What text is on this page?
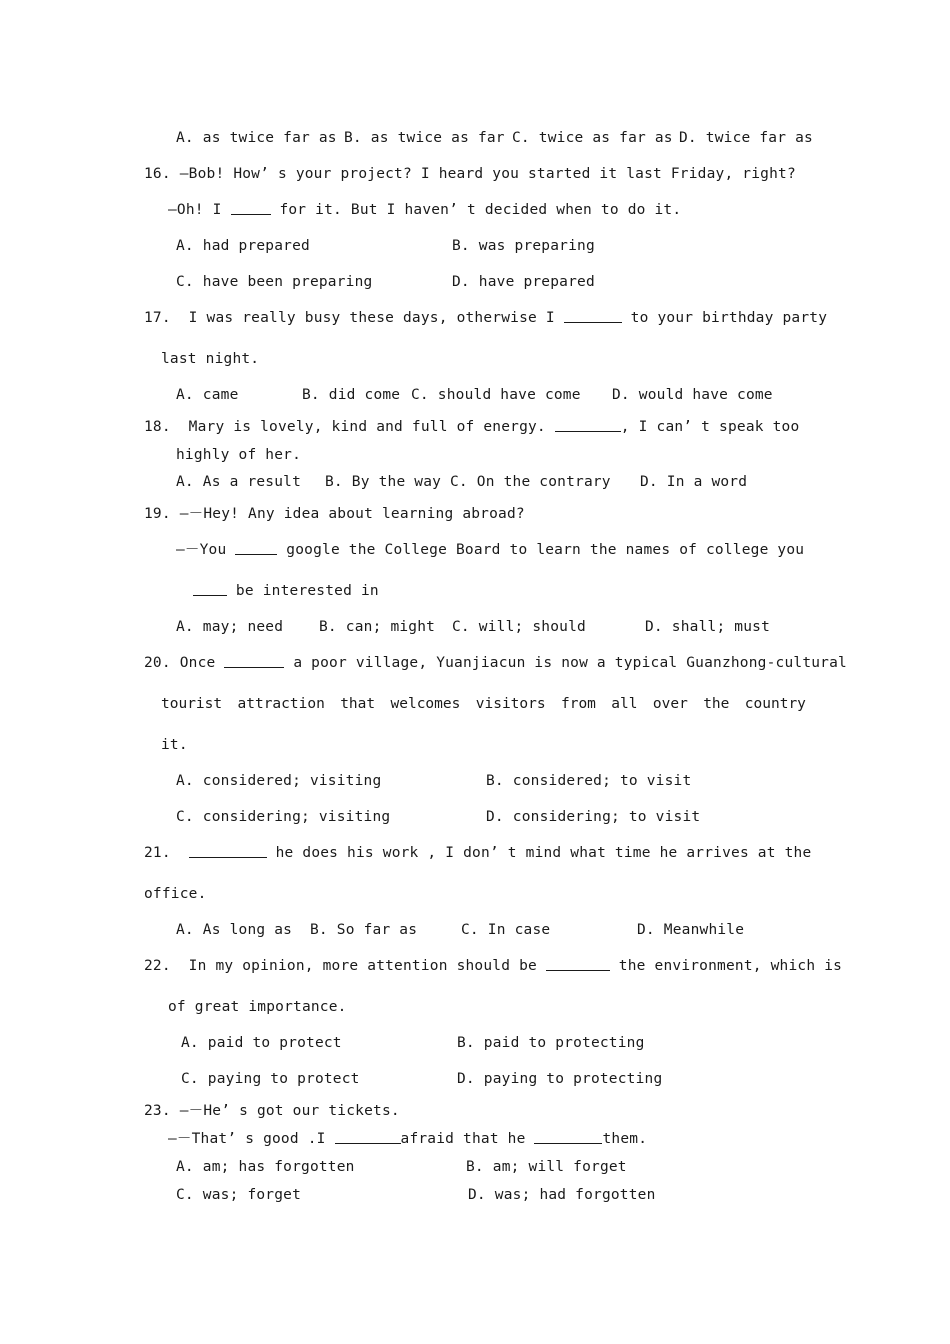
A. as twice far as B. as twice as far C. twice as far as D. twice far as
16. —Bob! How’ s your project? I heard you started it last Friday, right?
—Oh! I	for it. But I haven’ t decided when to do it.
A. had prepared	B. was preparing
C. have been preparing	D. have prepared
17. I was really busy these days, otherwise I	to your birthday party
last night.
A. came	B. did come C. should have come D. would have come
18. Mary is lovely, kind and full of energy.	, I can’ t speak too
highly of her.
A. As a result B. By the way C. On the contrary D. In a word
19. —－Hey! Any idea about learning abroad?
—－You	google the College Board to learn the names of college you
be interested in
A. may; need B. can; might C. will; should	D. shall; must
20. Once	a poor village, Yuanjiacun is now a typical Guanzhong-cultural
tourist attraction that welcomes visitors from all over the country
it.
A. considered; visiting	B. considered; to visit
C. considering; visiting	D. considering; to visit
21.	he does his work , I don’ t mind what time he arrives at the
office.
A. As long as B. So far as	C. In case	D. Meanwhile
22. In my opinion, more attention should be	the environment, which is
of great importance.
A. paid to protect	B. paid to protecting
C. paying to protect	D. paying to protecting
23. —－He’ s got our tickets.
—－That’ s good .I	afraid that he	them.
A. am; has forgotten	B. am; will forget
C. was; forget	D. was; had forgotten
